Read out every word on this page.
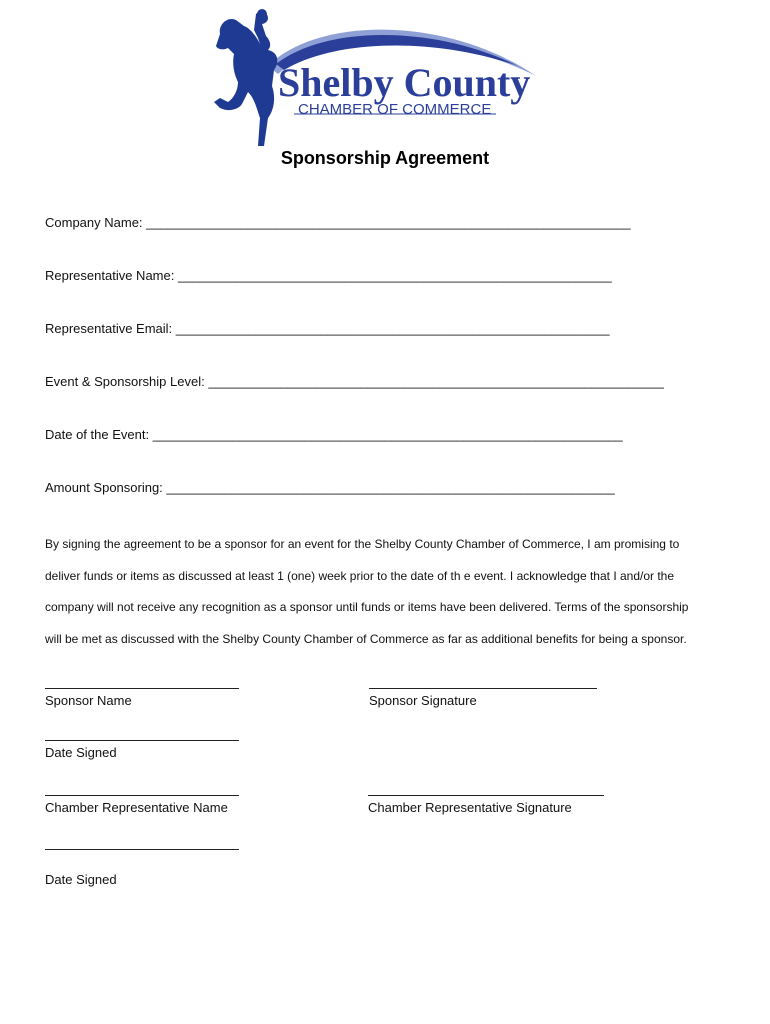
Shelby County
CHAMBER OF COMMERCE
Sponsorship Agreement
Company Name: ___________________________________________________________________
Representative Name: ____________________________________________________________
Representative Email: ____________________________________________________________
Event & Sponsorship Level: _______________________________________________________________
Date of the Event: _________________________________________________________________
Amount Sponsoring: ______________________________________________________________

By signing the agreement to be a sponsor for an event for the Shelby County Chamber of Commerce, I am promising to

deliver funds or items as discussed at least 1 (one) week prior to the date of th e event. I acknowledge that I and/or the

company will not receive any recognition as a sponsor until funds or items have been delivered. Terms of the sponsorship

will be met as discussed with the Shelby County Chamber of Commerce as far as additional benefits for being a sponsor.

Sponsor Name	Sponsor Signature
Date Signed
Chamber Representative Name	Chamber Representative Signature
Date Signed
